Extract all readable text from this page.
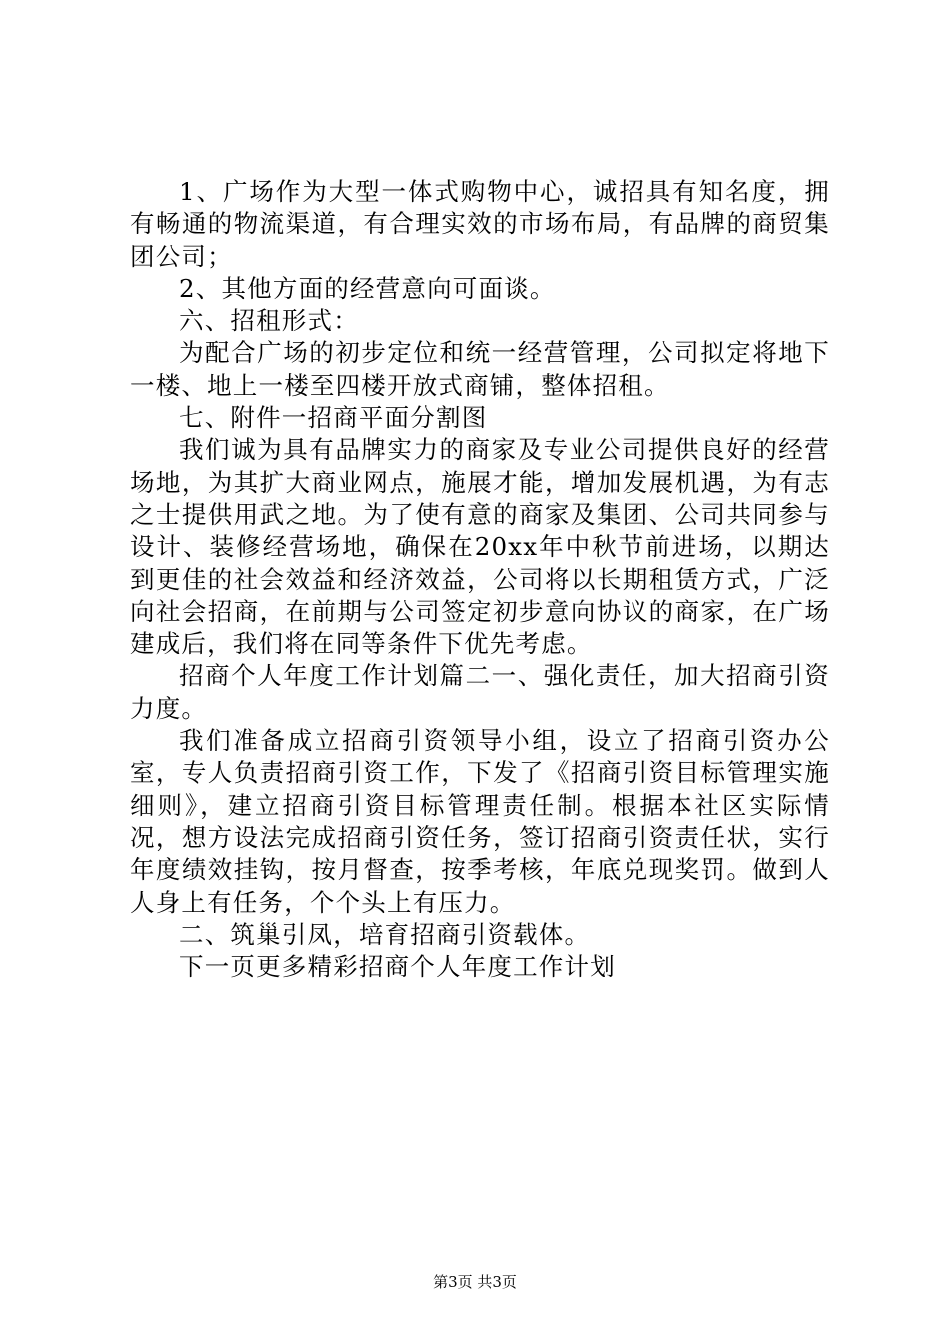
1、广场作为大型一体式购物中心，诚招具有知名度，拥有畅通的物流渠道，有合理实效的市场布局，有品牌的商贸集团公司；

2、其他方面的经营意向可面谈。

六、招租形式：

为配合广场的初步定位和统一经营管理，公司拟定将地下一楼、地上一楼至四楼开放式商铺，整体招租。

七、附件一招商平面分割图

我们诚为具有品牌实力的商家及专业公司提供良好的经营场地，为其扩大商业网点，施展才能，增加发展机遇，为有志之士提供用武之地。为了使有意的商家及集团、公司共同参与设计、装修经营场地，确保在20xx年中秋节前进场，以期达到更佳的社会效益和经济效益，公司将以长期租赁方式，广泛向社会招商，在前期与公司签定初步意向协议的商家，在广场建成后，我们将在同等条件下优先考虑。

招商个人年度工作计划篇二一、强化责任，加大招商引资力度。

我们准备成立招商引资领导小组，设立了招商引资办公室，专人负责招商引资工作，下发了《招商引资目标管理实施细则》，建立招商引资目标管理责任制。根据本社区实际情况，想方设法完成招商引资任务，签订招商引资责任状，实行年度绩效挂钩，按月督查，按季考核，年底兑现奖罚。做到人人身上有任务，个个头上有压力。

二、筑巢引凤，培育招商引资载体。

下一页更多精彩招商个人年度工作计划

第3页 共3页
